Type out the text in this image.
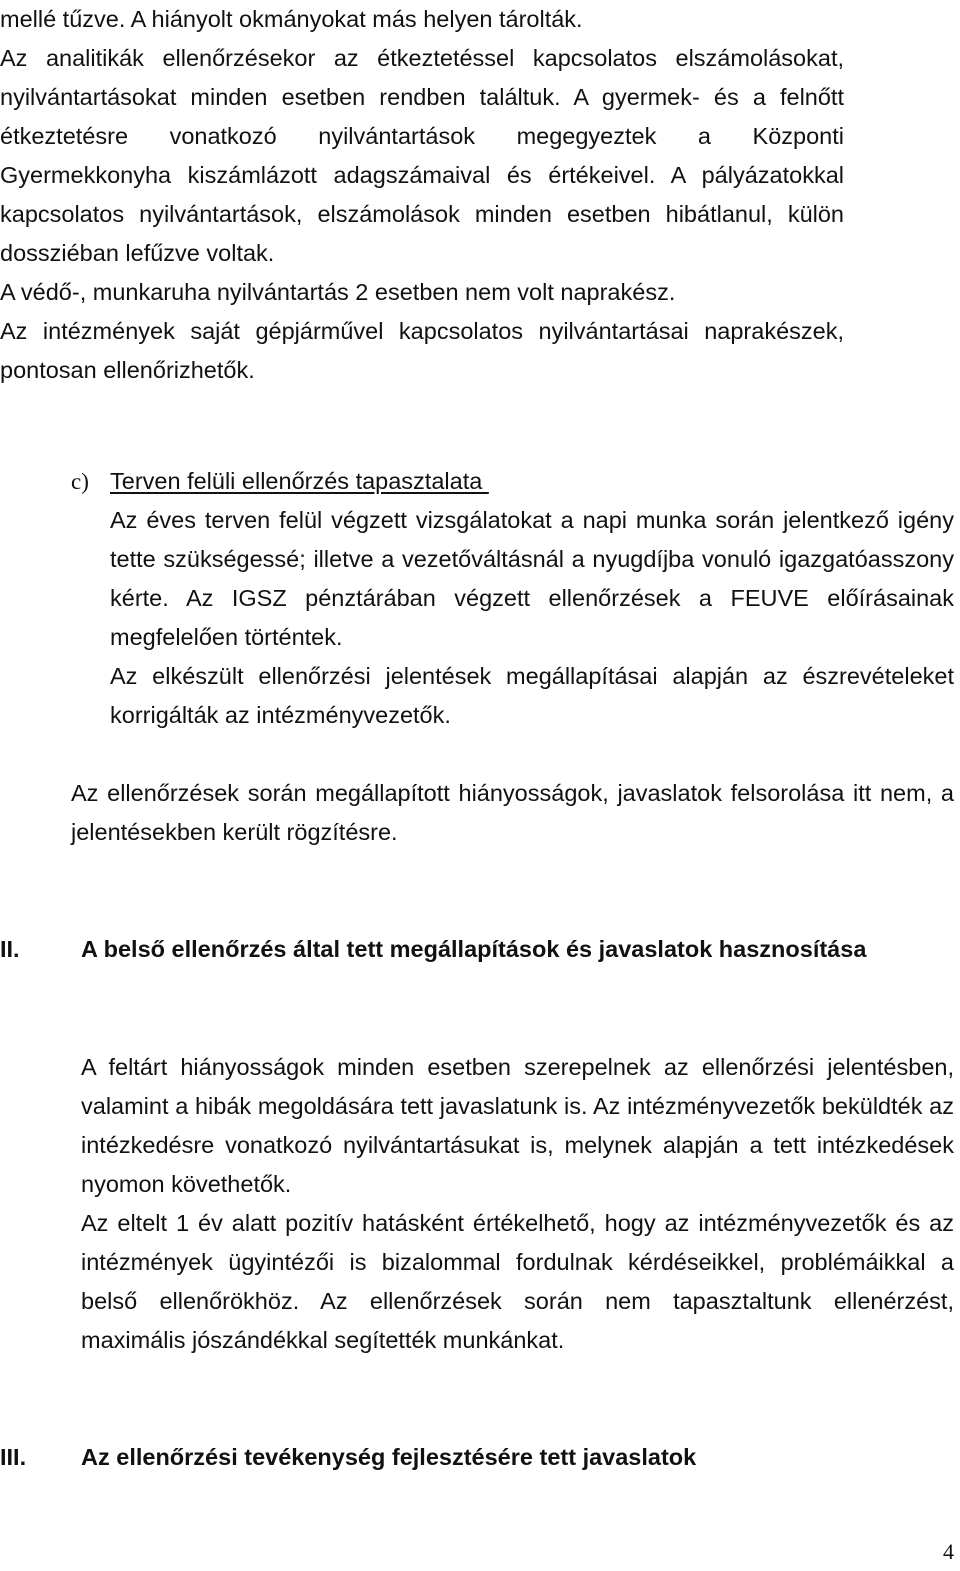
mellé tűzve. A hiányolt okmányokat más helyen tárolták.

Az analitikák ellenőrzésekor az étkeztetéssel kapcsolatos elszámolásokat, nyilvántartásokat minden esetben rendben találtuk. A gyermek- és a felnőtt étkeztetésre vonatkozó nyilvántartások megegyeztek a Központi Gyermekkonyha kiszámlázott adagszámaival és értékeivel. A pályázatokkal kapcsolatos nyilvántartások, elszámolások minden esetben hibátlanul, külön dossziéban lefűzve voltak.

A védő-, munkaruha nyilvántartás 2 esetben nem volt naprakész.

Az intézmények saját gépjárművel kapcsolatos nyilvántartásai naprakészek, pontosan ellenőrizhetők.

c) Terven felüli ellenőrzés tapasztalata

Az éves terven felül végzett vizsgálatokat a napi munka során jelentkező igény tette szükségessé; illetve a vezetőváltásnál a nyugdíjba vonuló igazgatóasszony kérte. Az IGSZ pénztárában végzett ellenőrzések a FEUVE előírásainak megfelelően történtek.

Az elkészült ellenőrzési jelentések megállapításai alapján az észrevételeket korrigálták az intézményvezetők.

Az ellenőrzések során megállapított hiányosságok, javaslatok felsorolása itt nem, a jelentésekben került rögzítésre.

II.	A belső ellenőrzés által tett megállapítások és javaslatok hasznosítása

A feltárt hiányosságok minden esetben szerepelnek az ellenőrzési jelentésben, valamint a hibák megoldására tett javaslatunk is. Az intézményvezetők beküldték az intézkedésre vonatkozó nyilvántartásukat is, melynek alapján a tett intézkedések nyomon követhetők.

Az eltelt 1 év alatt pozitív hatásként értékelhető, hogy az intézményvezetők és az intézmények ügyintézői is bizalommal fordulnak kérdéseikkel, problémáikkal a belső ellenőrökhöz. Az ellenőrzések során nem tapasztaltunk ellenérzést, maximális jószándékkal segítették munkánkat.

III. Az ellenőrzési tevékenység fejlesztésére tett javaslatok
4
